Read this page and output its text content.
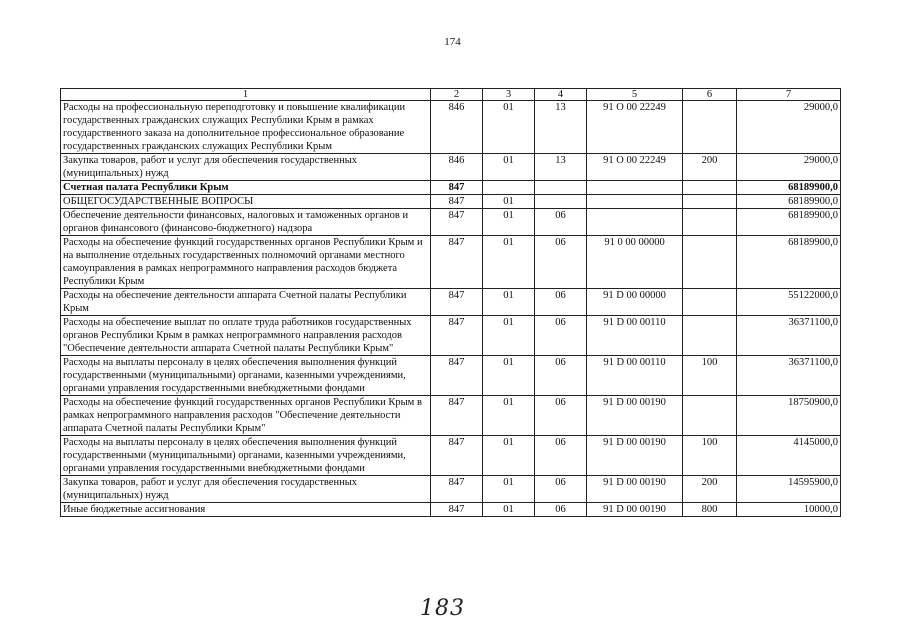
174
1	2	3	4	5	6	7
Расходы на профессиональную переподготовку и повышение квалификации государственных гражданских служащих Республики Крым в рамках государственного заказа на дополнительное профессиональное образование государственных гражданских служащих Республики Крым	846	01	13	91 О 00 22249		29000,0
Закупка товаров, работ и услуг для обеспечения государственных (муниципальных) нужд	846	01	13	91 О 00 22249	200	29000,0
Счетная палата Республики Крым	847					68189900,0
ОБЩЕГОСУДАРСТВЕННЫЕ ВОПРОСЫ	847	01				68189900,0
Обеспечение деятельности финансовых, налоговых и таможенных органов и органов финансового (финансово-бюджетного) надзора	847	01	06			68189900,0
Расходы на обеспечение функций государственных органов Республики Крым и на выполнение отдельных государственных полномочий органами местного самоуправления в рамках непрограммного направления расходов бюджета Республики Крым	847	01	06	91 0 00 00000		68189900,0
Расходы на обеспечение деятельности аппарата Счетной палаты Республики Крым	847	01	06	91 D 00 00000		55122000,0
Расходы на обеспечение выплат по оплате труда работников государственных органов Республики Крым в рамках непрограммного направления расходов "Обеспечение деятельности аппарата Счетной палаты Республики Крым"	847	01	06	91 D 00 00110		36371100,0
Расходы на выплаты персоналу в целях обеспечения выполнения функций государственными (муниципальными) органами, казенными учреждениями, органами управления государственными внебюджетными фондами	847	01	06	91 D 00 00110	100	36371100,0
Расходы на обеспечение функций государственных органов Республики Крым в рамках непрограммного направления расходов "Обеспечение деятельности аппарата Счетной палаты Республики Крым"	847	01	06	91 D 00 00190		18750900,0
Расходы на выплаты персоналу в целях обеспечения выполнения функций государственными (муниципальными) органами, казенными учреждениями, органами управления государственными внебюджетными фондами	847	01	06	91 D 00 00190	100	4145000,0
Закупка товаров, работ и услуг для обеспечения государственных (муниципальных) нужд	847	01	06	91 D 00 00190	200	14595900,0
Иные бюджетные ассигнования	847	01	06	91 D 00 00190	800	10000,0
183
